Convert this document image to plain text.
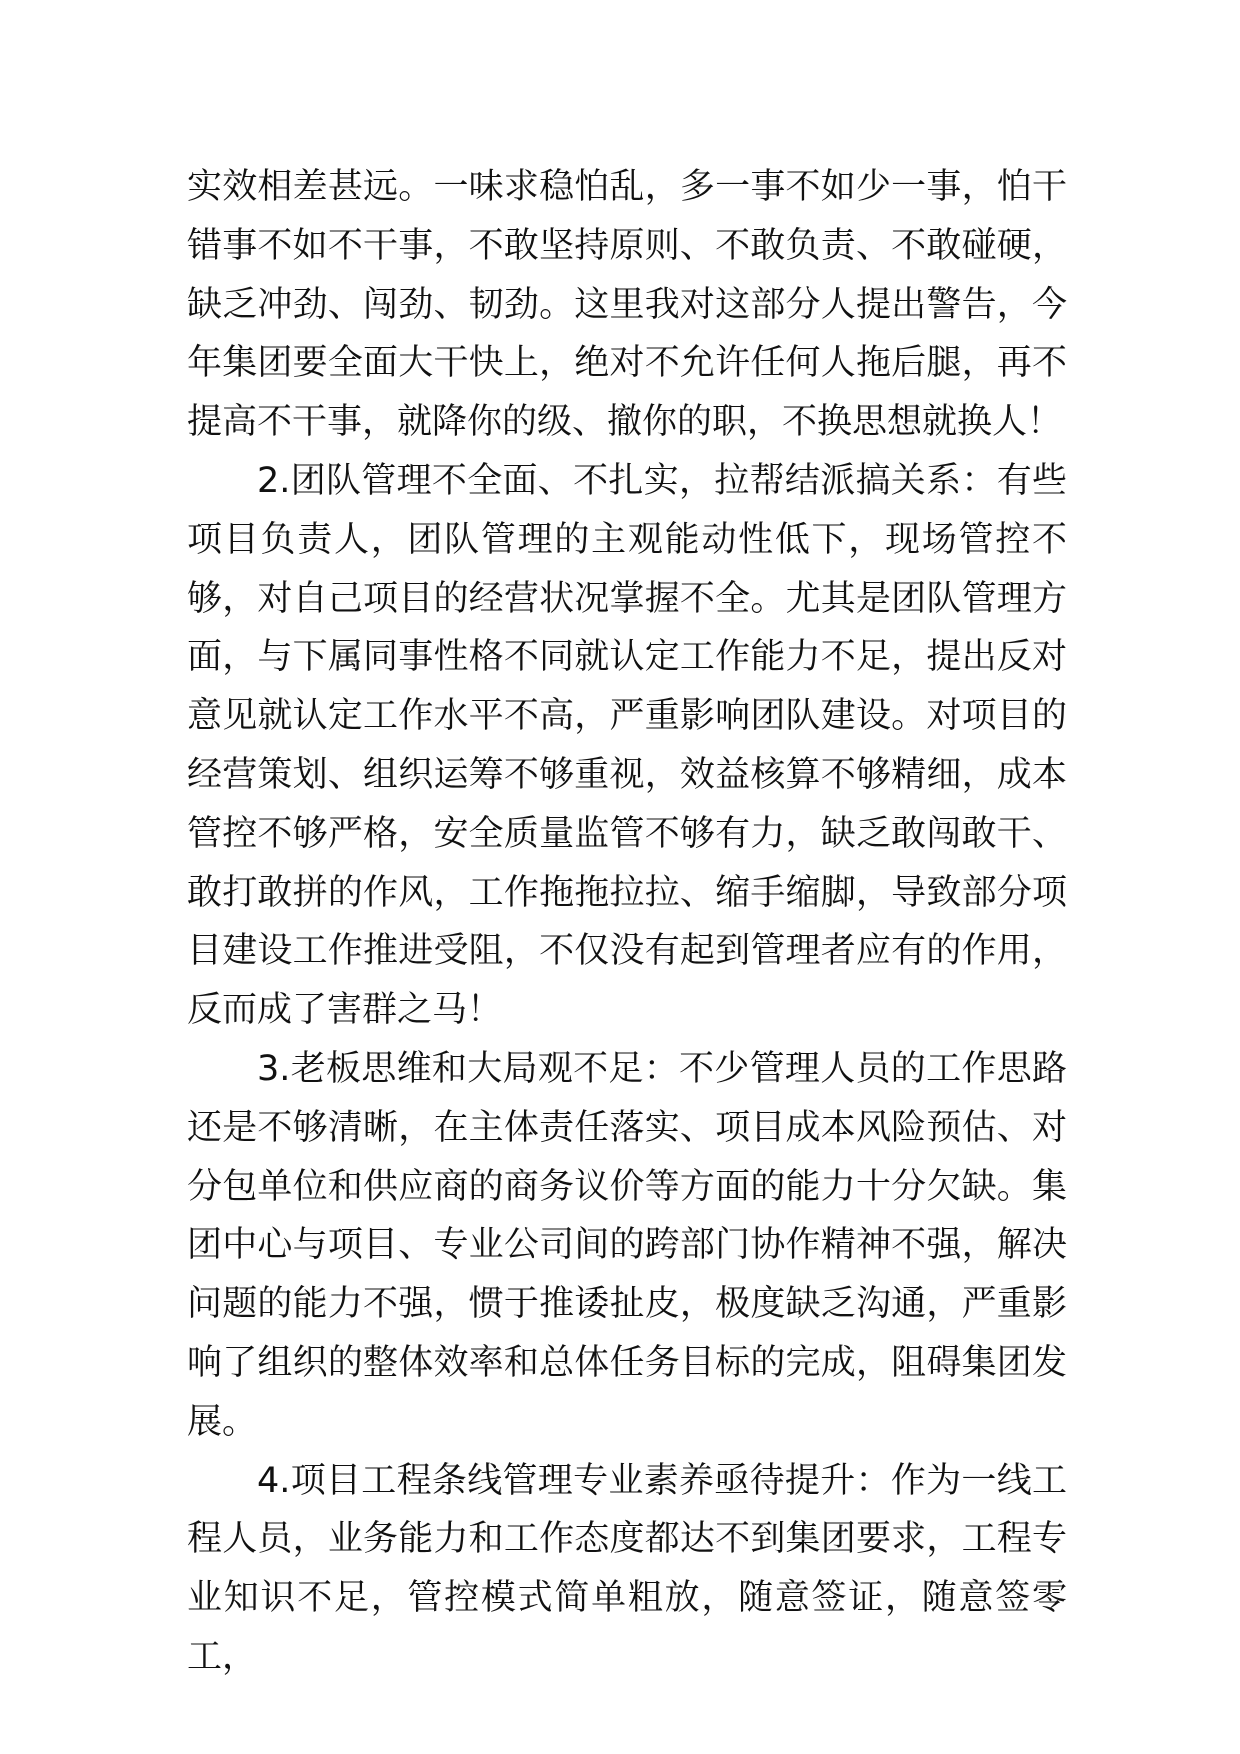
实效相差甚远。一味求稳怕乱，多一事不如少一事，怕干错事不如不干事，不敢坚持原则、不敢负责、不敢碰硬，缺乏冲劲、闯劲、韧劲。这里我对这部分人提出警告，今年集团要全面大干快上，绝对不允许任何人拖后腿，再不提高不干事，就降你的级、撤你的职，不换思想就换人！

2.团队管理不全面、不扎实，拉帮结派搞关系：有些项目负责人，团队管理的主观能动性低下，现场管控不够，对自己项目的经营状况掌握不全。尤其是团队管理方面，与下属同事性格不同就认定工作能力不足，提出反对意见就认定工作水平不高，严重影响团队建设。对项目的经营策划、组织运筹不够重视，效益核算不够精细，成本管控不够严格，安全质量监管不够有力，缺乏敢闯敢干、敢打敢拼的作风，工作拖拖拉拉、缩手缩脚，导致部分项目建设工作推进受阻，不仅没有起到管理者应有的作用，反而成了害群之马！

3.老板思维和大局观不足：不少管理人员的工作思路还是不够清晰，在主体责任落实、项目成本风险预估、对分包单位和供应商的商务议价等方面的能力十分欠缺。集团中心与项目、专业公司间的跨部门协作精神不强，解决问题的能力不强，惯于推诿扯皮，极度缺乏沟通，严重影响了组织的整体效率和总体任务目标的完成，阻碍集团发展。

4.项目工程条线管理专业素养亟待提升：作为一线工程人员，业务能力和工作态度都达不到集团要求，工程专业知识不足，管控模式简单粗放，随意签证，随意签零工，
